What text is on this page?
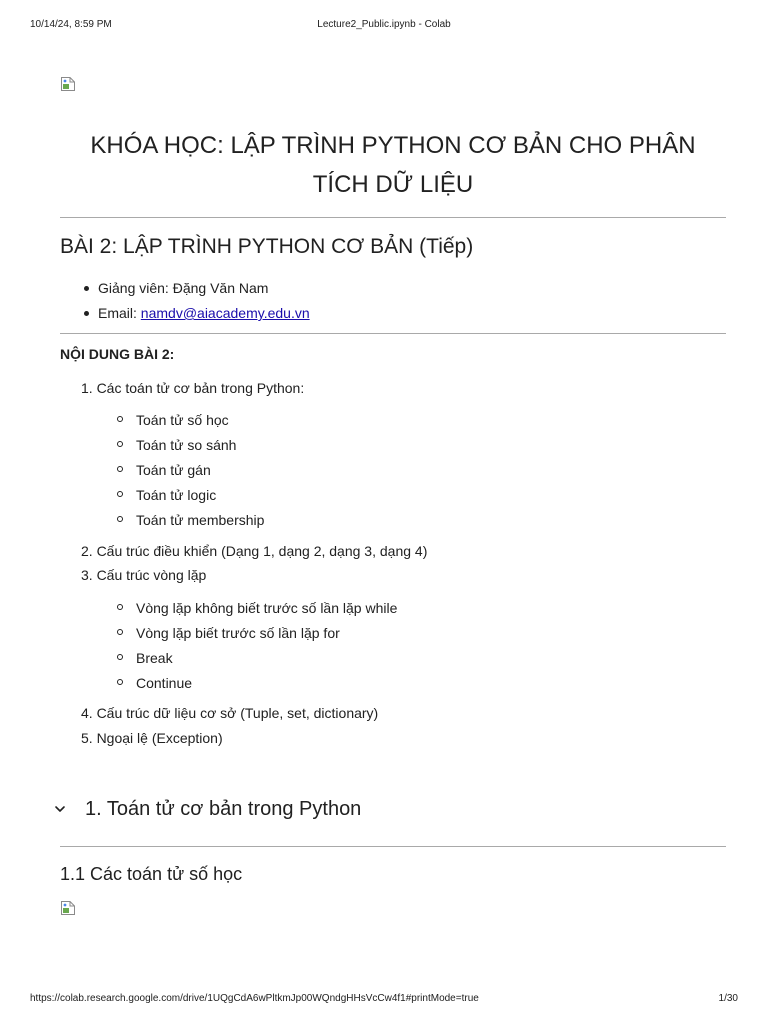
10/14/24, 8:59 PM	Lecture2_Public.ipynb - Colab
KHÓA HỌC: LẬP TRÌNH PYTHON CƠ BẢN CHO PHÂN TÍCH DỮ LIỆU
BÀI 2: LẬP TRÌNH PYTHON CƠ BẢN (Tiếp)
Giảng viên: Đặng Văn Nam
Email: namdv@aiacademy.edu.vn

NỘI DUNG BÀI 2:

1. Các toán tử cơ bản trong Python:
Toán tử số học
Toán tử so sánh
Toán tử gán
Toán tử logic
Toán tử membership
2. Cấu trúc điều khiển (Dạng 1, dạng 2, dạng 3, dạng 4)
3. Cấu trúc vòng lặp
Vòng lặp không biết trước số lần lặp while
Vòng lặp biết trước số lần lặp for
Break
Continue
4. Cấu trúc dữ liệu cơ sở (Tuple, set, dictionary)
5. Ngoại lệ (Exception)
1. Toán tử cơ bản trong Python
1.1 Các toán tử số học
https://colab.research.google.com/drive/1UQgCdA6wPltkmJp00WQndgHHsVcCw4f1#printMode=true	1/30
